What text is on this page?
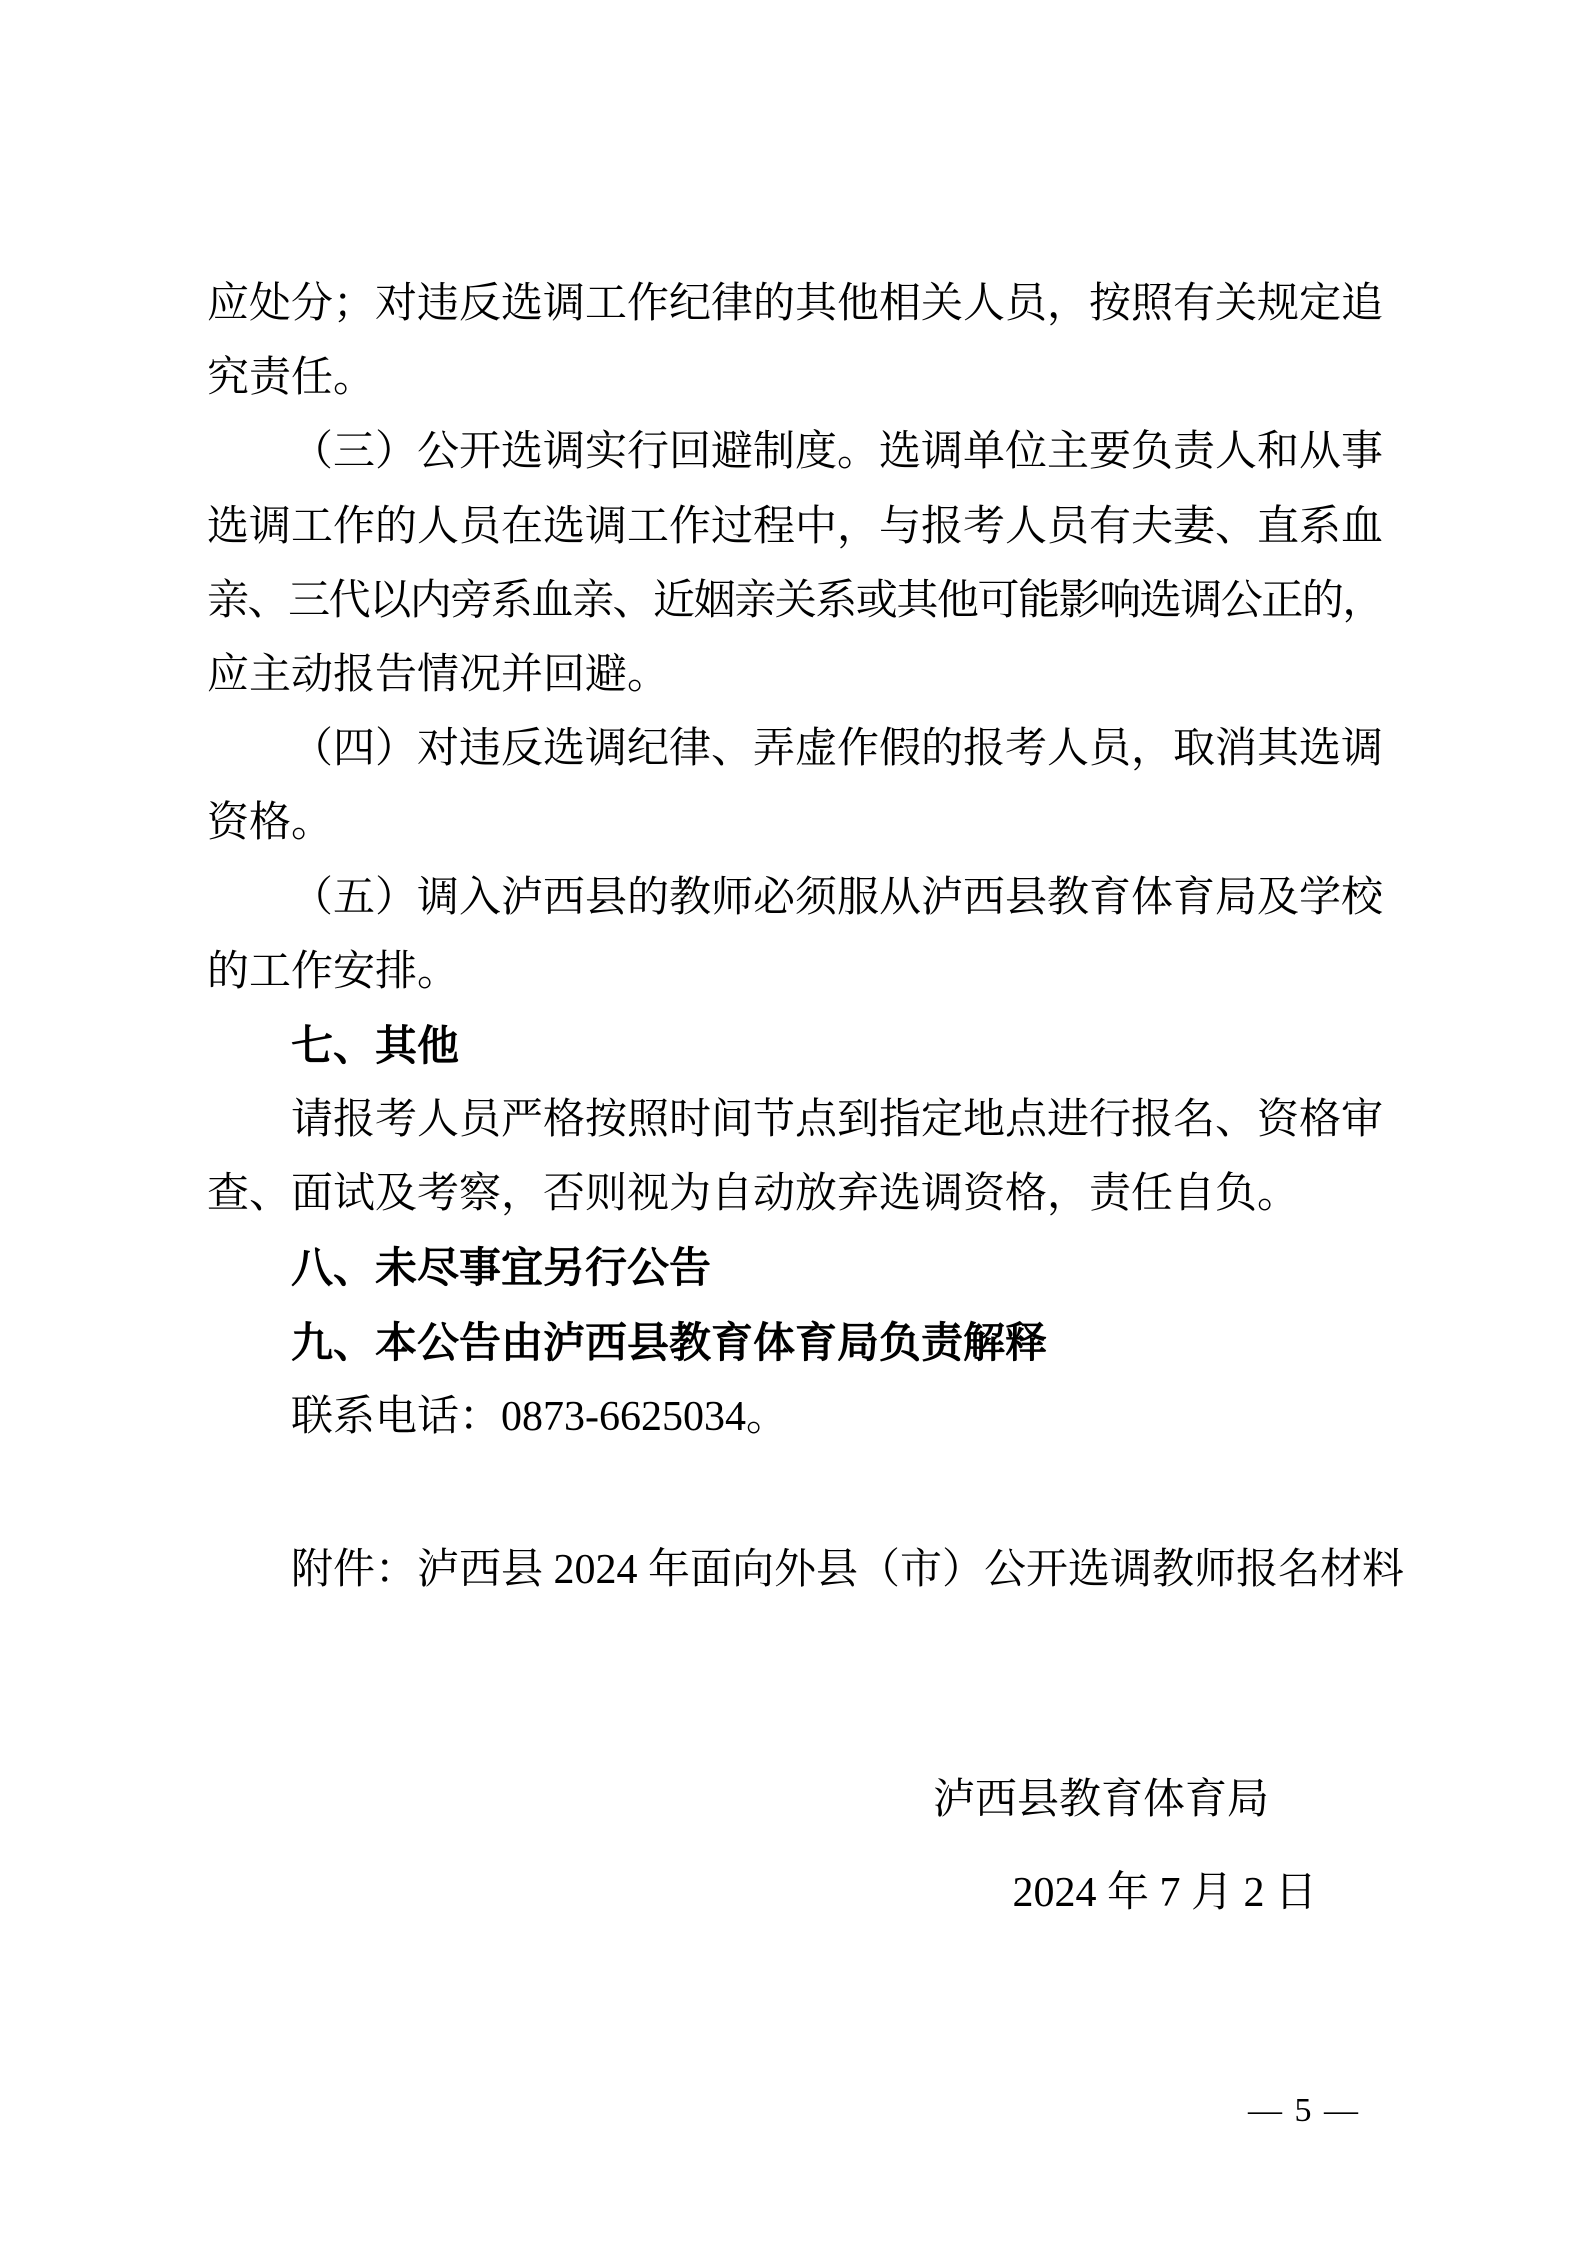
应处分；对违反选调工作纪律的其他相关人员，按照有关规定追
究责任。
（三）公开选调实行回避制度。选调单位主要负责人和从事
选调工作的人员在选调工作过程中，与报考人员有夫妻、直系血
亲、三代以内旁系血亲、近姻亲关系或其他可能影响选调公正的，
应主动报告情况并回避。
（四）对违反选调纪律、弄虚作假的报考人员，取消其选调
资格。
（五）调入泸西县的教师必须服从泸西县教育体育局及学校
的工作安排。
七、其他
请报考人员严格按照时间节点到指定地点进行报名、资格审
查、面试及考察，否则视为自动放弃选调资格，责任自负。
八、未尽事宜另行公告
九、本公告由泸西县教育体育局负责解释
联系电话：0873-6625034。
附件：泸西县 2024 年面向外县（市）公开选调教师报名材料
泸西县教育体育局
2024 年 7 月 2 日
— 5 —
